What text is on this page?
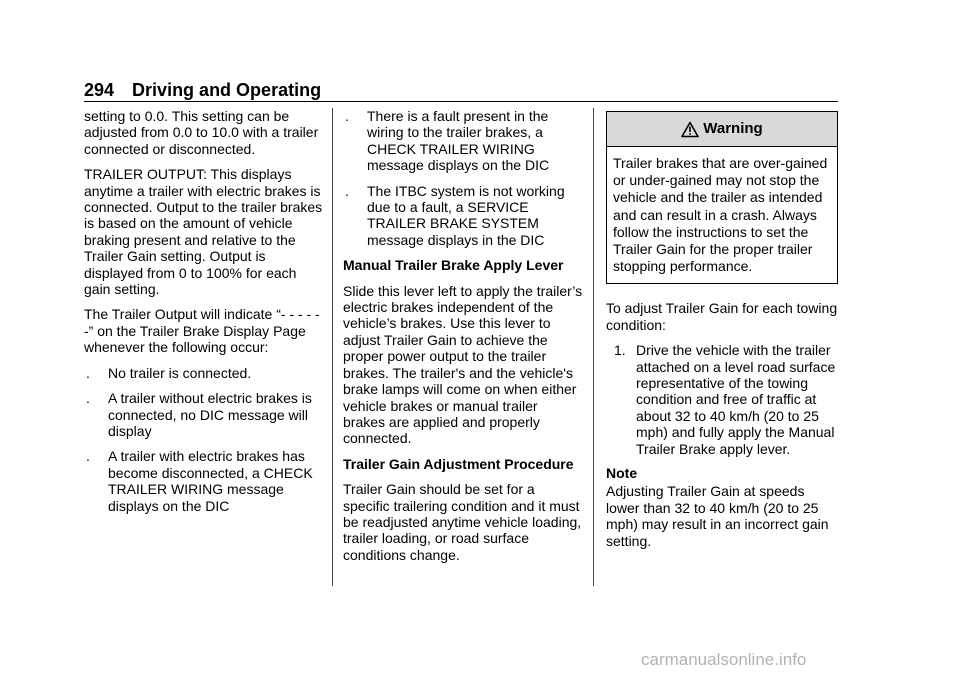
294 Driving and Operating

setting to 0.0. This setting can be adjusted from 0.0 to 10.0 with a trailer connected or disconnected.

TRAILER OUTPUT: This displays anytime a trailer with electric brakes is connected. Output to the trailer brakes is based on the amount of vehicle braking present and relative to the Trailer Gain setting. Output is displayed from 0 to 100% for each gain setting.

The Trailer Output will indicate “- - - - - -” on the Trailer Brake Display Page whenever the following occur:

. No trailer is connected.
. A trailer without electric brakes is connected, no DIC message will display
. A trailer with electric brakes has become disconnected, a CHECK TRAILER WIRING message displays on the DIC
. There is a fault present in the wiring to the trailer brakes, a CHECK TRAILER WIRING message displays on the DIC
. The ITBC system is not working due to a fault, a SERVICE TRAILER BRAKE SYSTEM message displays in the DIC

Manual Trailer Brake Apply Lever

Slide this lever left to apply the trailer’s electric brakes independent of the vehicle’s brakes. Use this lever to adjust Trailer Gain to achieve the proper power output to the trailer brakes. The trailer's and the vehicle's brake lamps will come on when either vehicle brakes or manual trailer brakes are applied and properly connected.

Trailer Gain Adjustment Procedure

Trailer Gain should be set for a specific trailering condition and it must be readjusted anytime vehicle loading, trailer loading, or road surface conditions change.

Warning
Trailer brakes that are over-gained or under-gained may not stop the vehicle and the trailer as intended and can result in a crash. Always follow the instructions to set the Trailer Gain for the proper trailer stopping performance.

To adjust Trailer Gain for each towing condition:

1. Drive the vehicle with the trailer attached on a level road surface representative of the towing condition and free of traffic at about 32 to 40 km/h (20 to 25 mph) and fully apply the Manual Trailer Brake apply lever.

Note

Adjusting Trailer Gain at speeds lower than 32 to 40 km/h (20 to 25 mph) may result in an incorrect gain setting.

carmanualsonline.info
